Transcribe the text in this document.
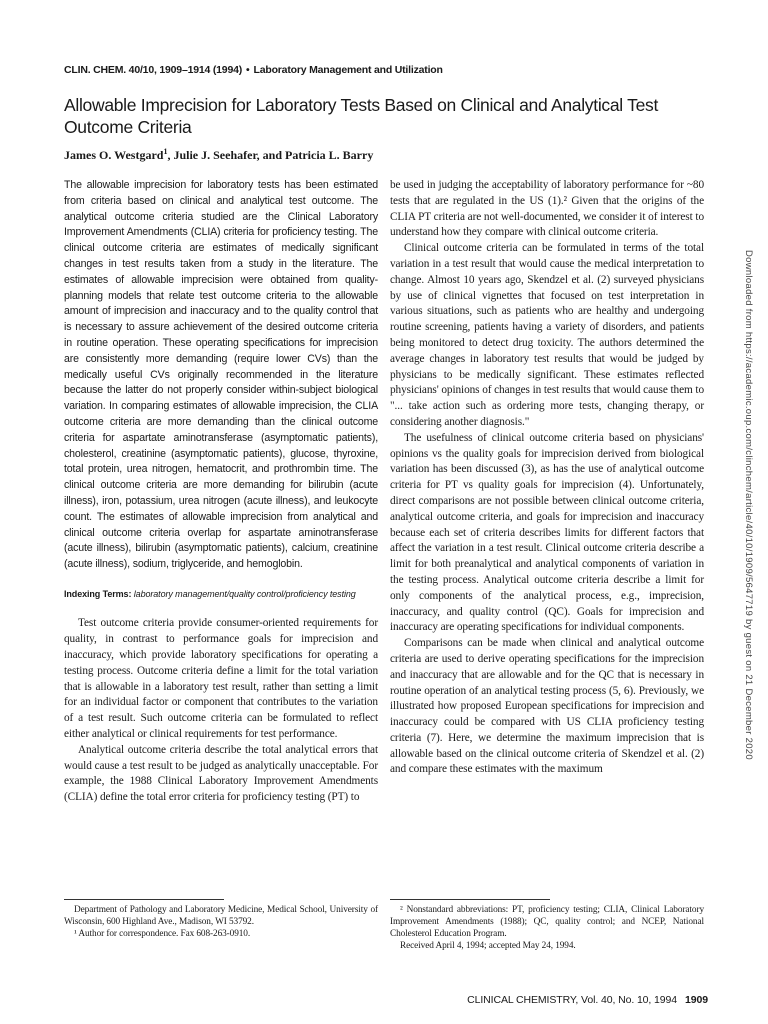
CLIN. CHEM. 40/10, 1909–1914 (1994) • Laboratory Management and Utilization
Allowable Imprecision for Laboratory Tests Based on Clinical and Analytical Test Outcome Criteria
James O. Westgard$^1$, Julie J. Seehafer, and Patricia L. Barry

The allowable imprecision for laboratory tests has been estimated from criteria based on clinical and analytical test outcome. The analytical outcome criteria studied are the Clinical Laboratory Improvement Amendments (CLIA) criteria for proficiency testing. The clinical outcome criteria are estimates of medically significant changes in test results taken from a study in the literature. The estimates of allowable imprecision were obtained from quality-planning models that relate test outcome criteria to the allowable amount of imprecision and inaccuracy and to the quality control that is necessary to assure achievement of the desired outcome criteria in routine operation. These operating specifications for imprecision are consistently more demanding (require lower CVs) than the medically useful CVs originally recommended in the literature because the latter do not properly consider within-subject biological variation. In comparing estimates of allowable imprecision, the CLIA outcome criteria are more demanding than the clinical outcome criteria for aspartate aminotransferase (asymptomatic patients), cholesterol, creatinine (asymptomatic patients), glucose, thyroxine, total protein, urea nitrogen, hematocrit, and prothrombin time. The clinical outcome criteria are more demanding for bilirubin (acute illness), iron, potassium, urea nitrogen (acute illness), and leukocyte count. The estimates of allowable imprecision from analytical and clinical outcome criteria overlap for aspartate aminotransferase (acute illness), bilirubin (asymptomatic patients), calcium, creatinine (acute illness), sodium, triglyceride, and hemoglobin.

Indexing Terms: laboratory management/quality control/proficiency testing

Test outcome criteria provide consumer-oriented requirements for quality, in contrast to performance goals for imprecision and inaccuracy, which provide laboratory specifications for operating a testing process. Outcome criteria define a limit for the total variation that is allowable in a laboratory test result, rather than setting a limit for an individual factor or component that contributes to the variation of a test result. Such outcome criteria can be formulated to reflect either analytical or clinical requirements for test performance.

Analytical outcome criteria describe the total analytical errors that would cause a test result to be judged as analytically unacceptable. For example, the 1988 Clinical Laboratory Improvement Amendments (CLIA) define the total error criteria for proficiency testing (PT) to

be used in judging the acceptability of laboratory performance for ~80 tests that are regulated in the US (1).² Given that the origins of the CLIA PT criteria are not well-documented, we consider it of interest to understand how they compare with clinical outcome criteria.

Clinical outcome criteria can be formulated in terms of the total variation in a test result that would cause the medical interpretation to change. Almost 10 years ago, Skendzel et al. (2) surveyed physicians by use of clinical vignettes that focused on test interpretation in various situations, such as patients who are healthy and undergoing routine screening, patients having a variety of disorders, and patients being monitored to detect drug toxicity. The authors determined the average changes in laboratory test results that would be judged by physicians to be medically significant. These estimates reflected physicians' opinions of changes in test results that would cause them to "... take action such as ordering more tests, changing therapy, or considering another diagnosis."

The usefulness of clinical outcome criteria based on physicians' opinions vs the quality goals for imprecision derived from biological variation has been discussed (3), as has the use of analytical outcome criteria for PT vs quality goals for imprecision (4). Unfortunately, direct comparisons are not possible between clinical outcome criteria, analytical outcome criteria, and goals for imprecision and inaccuracy because each set of criteria describes limits for different factors that affect the variation in a test result. Clinical outcome criteria describe a limit for both preanalytical and analytical components of variation in the testing process. Analytical outcome criteria describe a limit for only components of the analytical process, e.g., imprecision, inaccuracy, and quality control (QC). Goals for imprecision and inaccuracy are operating specifications for individual components.

Comparisons can be made when clinical and analytical outcome criteria are used to derive operating specifications for the imprecision and inaccuracy that are allowable and for the QC that is necessary in routine operation of an analytical testing process (5, 6). Previously, we illustrated how proposed European specifications for imprecision and inaccuracy could be compared with US CLIA proficiency testing criteria (7). Here, we determine the maximum imprecision that is allowable based on the clinical outcome criteria of Skendzel et al. (2) and compare these estimates with the maximum

Department of Pathology and Laboratory Medicine, Medical School, University of Wisconsin, 600 Highland Ave., Madison, WI 53792.

¹ Author for correspondence. Fax 608-263-0910.

² Nonstandard abbreviations: PT, proficiency testing; CLIA, Clinical Laboratory Improvement Amendments (1988); QC, quality control; and NCEP, National Cholesterol Education Program.

Received April 4, 1994; accepted May 24, 1994.

CLINICAL CHEMISTRY, Vol. 40, No. 10, 1994 1909
Downloaded from https://academic.oup.com/clinchem/article/40/10/1909/5647719 by guest on 21 December 2020
